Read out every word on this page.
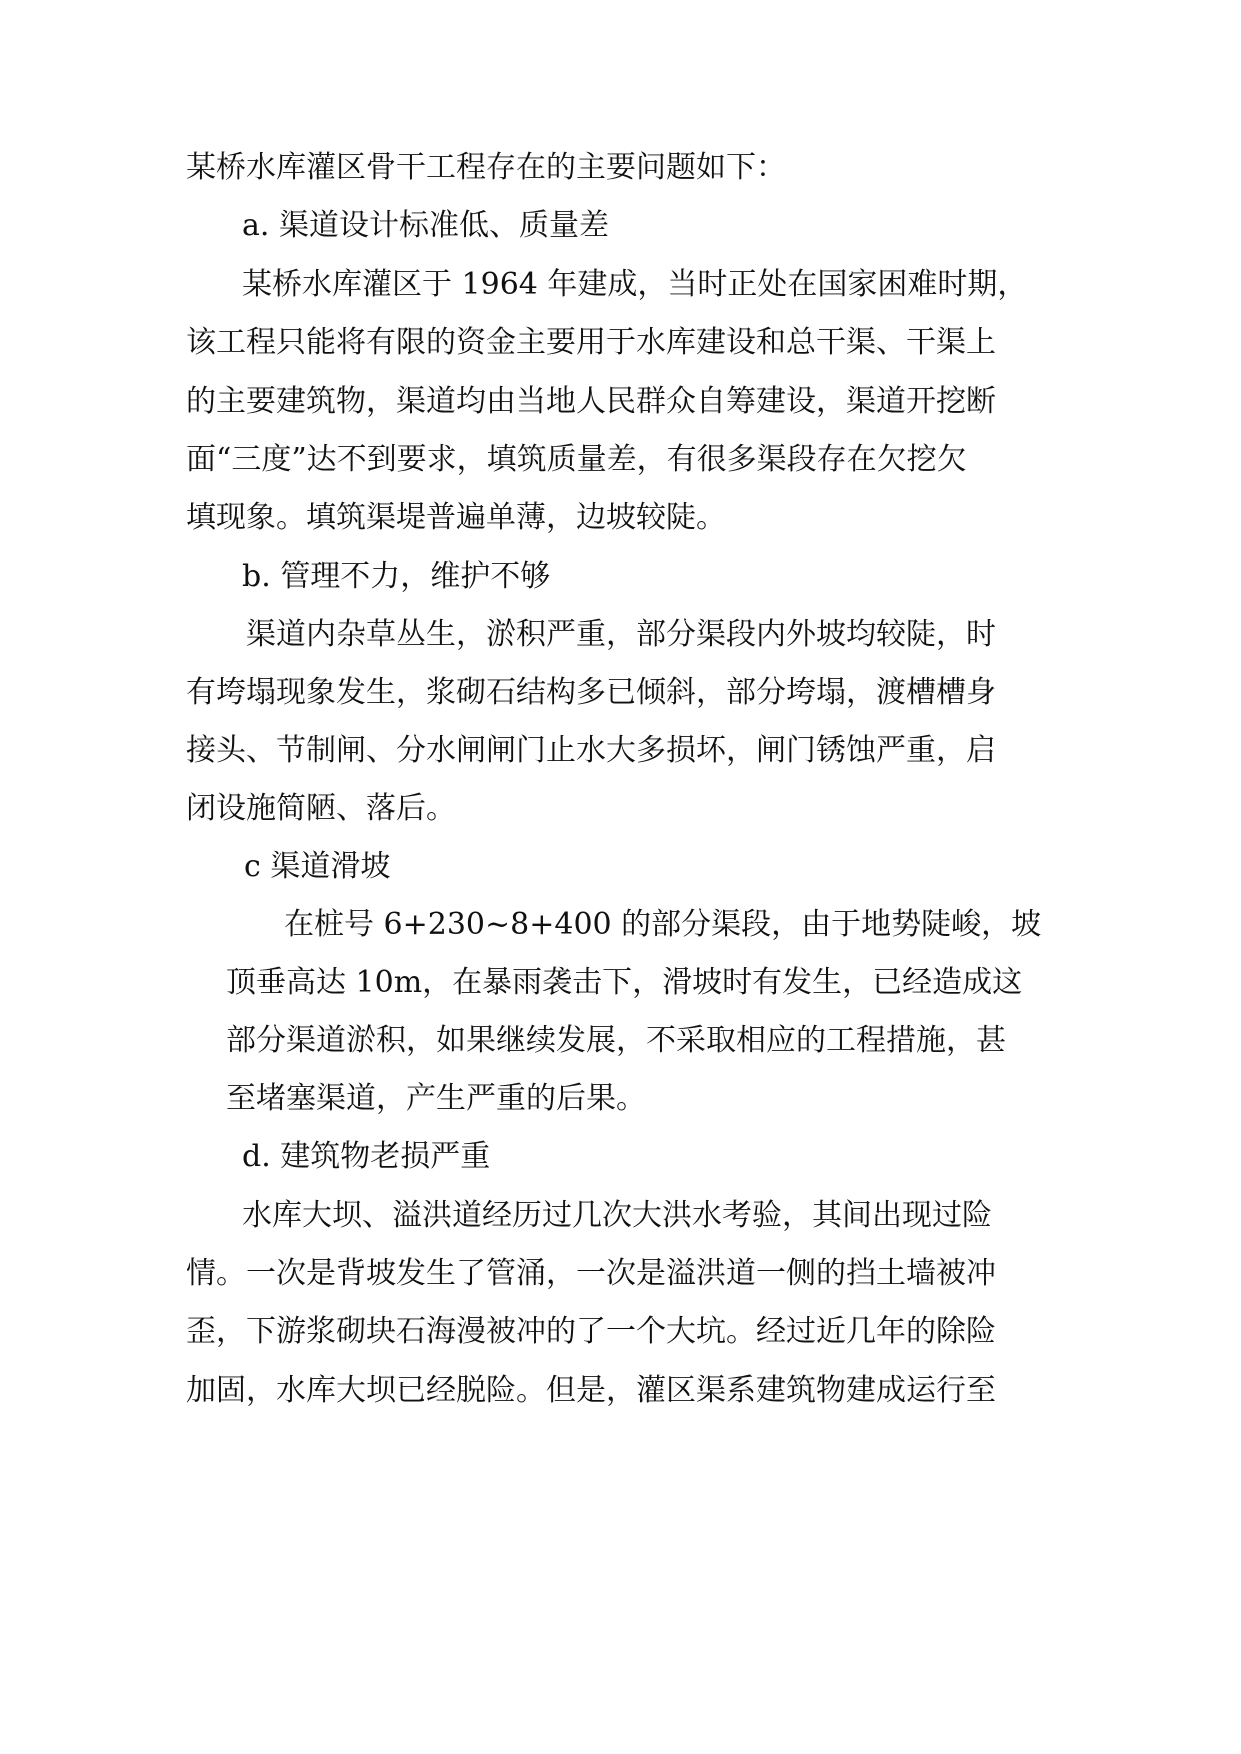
某桥水库灌区骨干工程存在的主要问题如下：
a. 渠道设计标准低、质量差
某桥水库灌区于 1964 年建成，当时正处在国家困难时期，
该工程只能将有限的资金主要用于水库建设和总干渠、干渠上
的主要建筑物，渠道均由当地人民群众自筹建设，渠道开挖断
面“三度”达不到要求，填筑质量差，有很多渠段存在欠挖欠
填现象。填筑渠堤普遍单薄，边坡较陡。
b. 管理不力，维护不够
渠道内杂草丛生，淤积严重，部分渠段内外坡均较陡，时
有垮塌现象发生，浆砌石结构多已倾斜，部分垮塌，渡槽槽身
接头、节制闸、分水闸闸门止水大多损坏，闸门锈蚀严重，启
闭设施简陋、落后。
c 渠道滑坡
在桩号 6+230~8+400 的部分渠段，由于地势陡峻，坡
顶垂高达 10m，在暴雨袭击下，滑坡时有发生，已经造成这
部分渠道淤积，如果继续发展，不采取相应的工程措施，甚
至堵塞渠道，产生严重的后果。
d. 建筑物老损严重
水库大坝、溢洪道经历过几次大洪水考验，其间出现过险
情。一次是背坡发生了管涌，一次是溢洪道一侧的挡土墙被冲
歪，下游浆砌块石海漫被冲的了一个大坑。经过近几年的除险
加固，水库大坝已经脱险。但是，灌区渠系建筑物建成运行至
